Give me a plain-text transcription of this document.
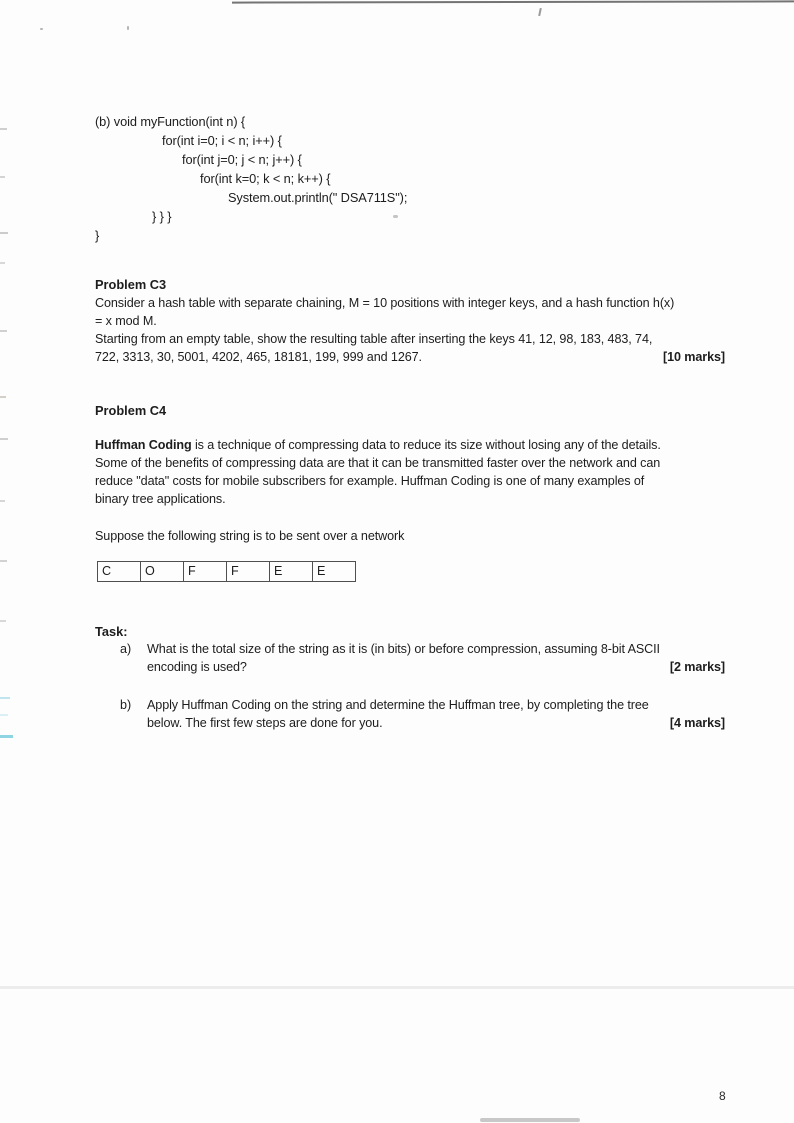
(b) void myFunction(int n) {
for(int i=0; i < n; i++) {
for(int j=0; j < n; j++) {
for(int k=0; k < n; k++) {
System.out.println(" DSA711S");
} } }
}
Problem C3
Consider a hash table with separate chaining, M = 10 positions with integer keys, and a hash function h(x)
= x mod M.
Starting from an empty table, show the resulting table after inserting the keys 41, 12, 98, 183, 483, 74,
722, 3313, 30, 5001, 4202, 465, 18181, 199, 999 and 1267.	[10 marks]
Problem C4
Huffman Coding is a technique of compressing data to reduce its size without losing any of the details.
Some of the benefits of compressing data are that it can be transmitted faster over the network and can
reduce "data" costs for mobile subscribers for example. Huffman Coding is one of many examples of
binary tree applications.
Suppose the following string is to be sent over a network
C	O	F	F	E	E
Task:
a) What is the total size of the string as it is (in bits) or before compression, assuming 8-bit ASCII
encoding is used?	[2 marks]
b) Apply Huffman Coding on the string and determine the Huffman tree, by completing the tree
below. The first few steps are done for you.	[4 marks]
8
